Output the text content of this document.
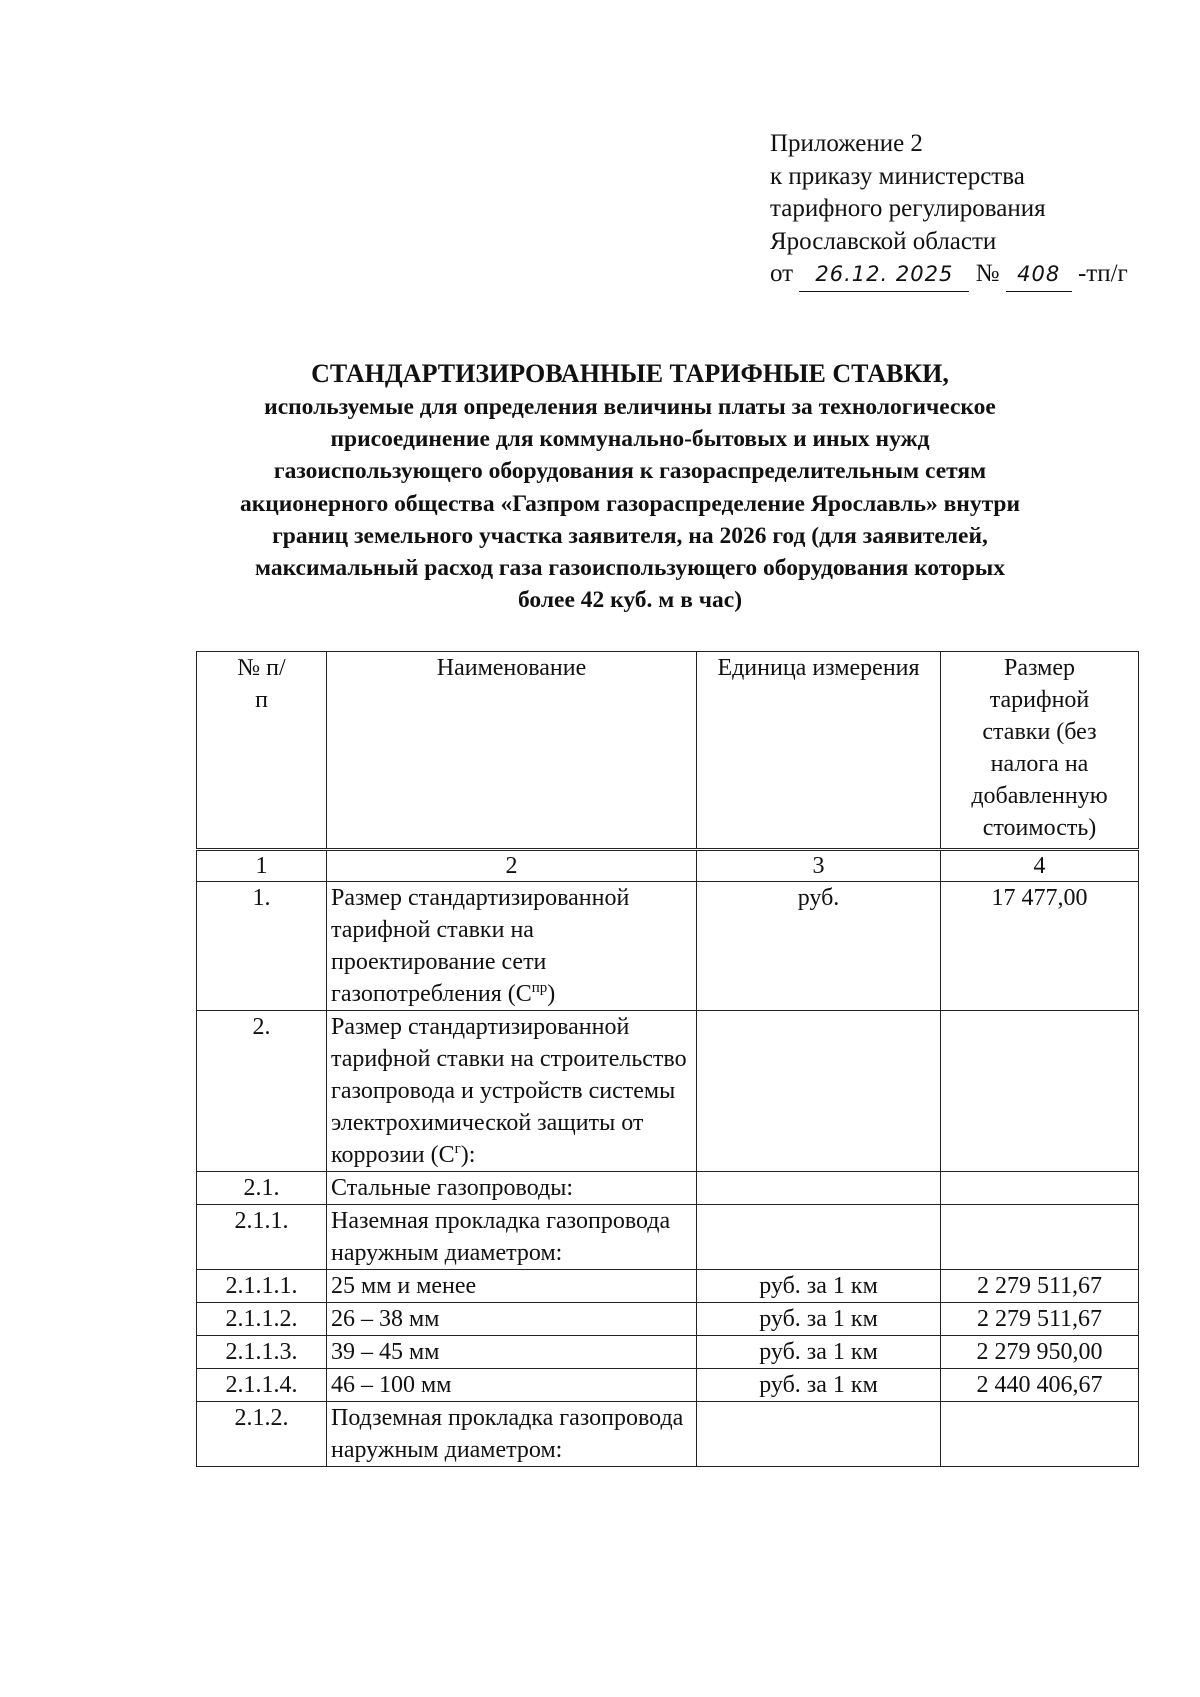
Приложение 2
к приказу министерства
тарифного регулирования
Ярославской области
от 26.12. 2025 № 408 -тп/г
СТАНДАРТИЗИРОВАННЫЕ ТАРИФНЫЕ СТАВКИ,
используемые для определения величины платы за технологическое
присоединение для коммунально-бытовых и иных нужд
газоиспользующего оборудования к газораспределительным сетям
акционерного общества «Газпром газораспределение Ярославль» внутри
границ земельного участка заявителя, на 2026 год (для заявителей,
максимальный расход газа газоиспользующего оборудования которых
более 42 куб. м в час)
№ п/п	Наименование	Единица измерения	Размер тарифной ставки (без налога на добавленную стоимость)
1	2	3	4
1.	Размер стандартизированной тарифной ставки на проектирование сети газопотребления $(С^{пр})$	руб.	17 477,00
2.	Размер стандартизированной тарифной ставки на строительство газопровода и устройств системы электрохимической защиты от коррозии $(С^г)$:		
2.1.	Стальные газопроводы:		
2.1.1.	Наземная прокладка газопровода наружным диаметром:		
2.1.1.1.	25 мм и менее	руб. за 1 км	2 279 511,67
2.1.1.2.	26 – 38 мм	руб. за 1 км	2 279 511,67
2.1.1.3.	39 – 45 мм	руб. за 1 км	2 279 950,00
2.1.1.4.	46 – 100 мм	руб. за 1 км	2 440 406,67
2.1.2.	Подземная прокладка газопровода наружным диаметром:		
